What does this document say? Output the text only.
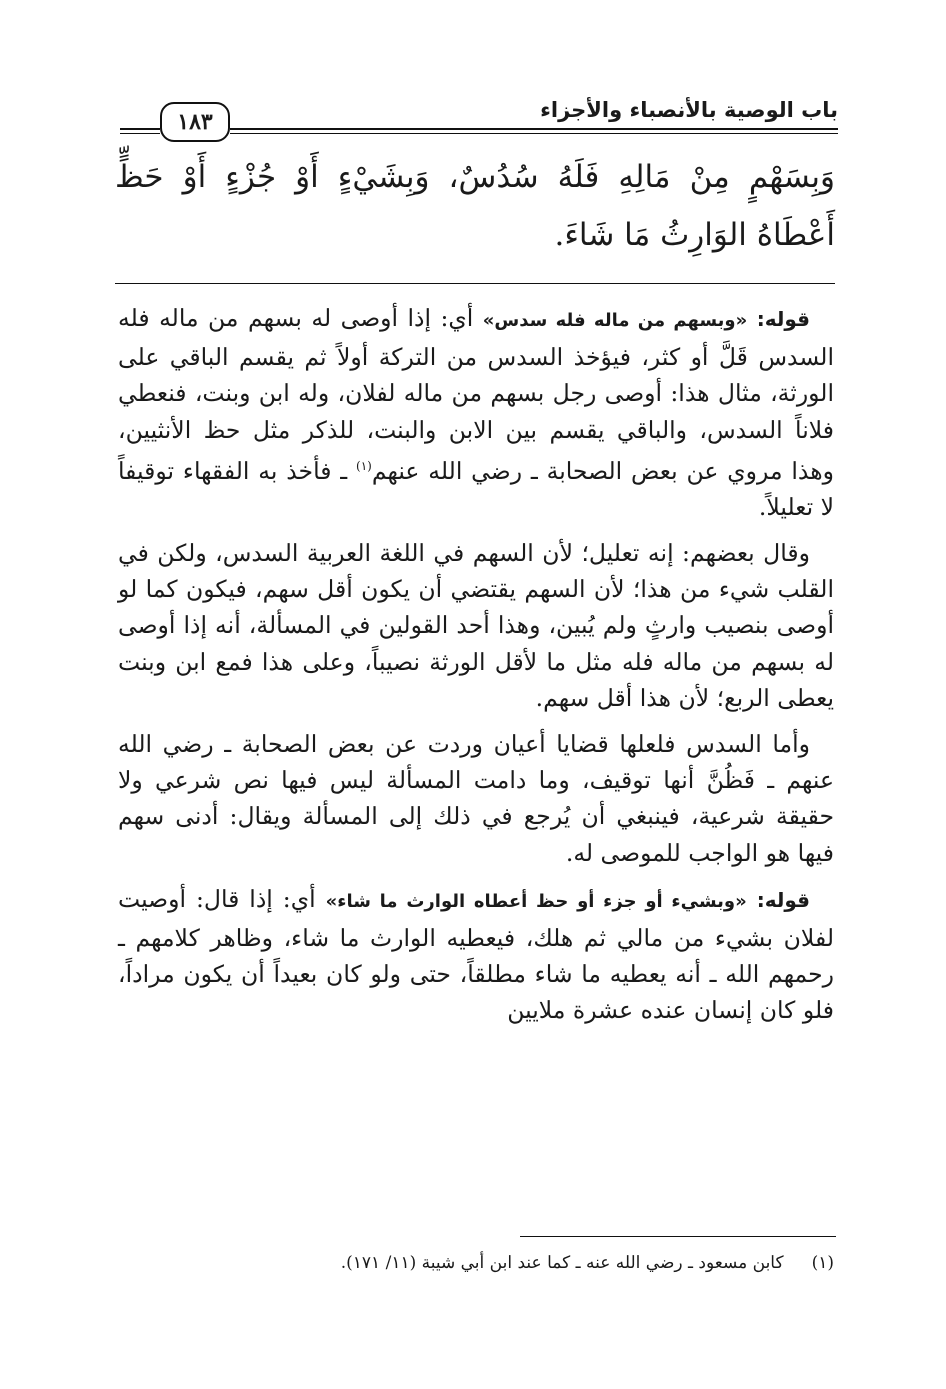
باب الوصية بالأنصباء والأجزاء
١٨٣
وَبِسَهْمٍ مِنْ مَالِهِ فَلَهُ سُدُسٌ، وَبِشَيْءٍ أَوْ جُزْءٍ أَوْ حَظٍّ أَعْطَاهُ الوَارِثُ مَا شَاءَ.

قوله: «وبسهم من ماله فله سدس» أي: إذا أوصى له بسهم من ماله فله السدس قَلَّ أو كثر، فيؤخذ السدس من التركة أولاً ثم يقسم الباقي على الورثة، مثال هذا: أوصى رجل بسهم من ماله لفلان، وله ابن وبنت، فنعطي فلاناً السدس، والباقي يقسم بين الابن والبنت، للذكر مثل حظ الأنثيين، وهذا مروي عن بعض الصحابة ـ رضي الله عنهم$^{(١)}$ ـ فأخذ به الفقهاء توقيفاً لا تعليلاً.

وقال بعضهم: إنه تعليل؛ لأن السهم في اللغة العربية السدس، ولكن في القلب شيء من هذا؛ لأن السهم يقتضي أن يكون أقل سهم، فيكون كما لو أوصى بنصيب وارثٍ ولم يُبين، وهذا أحد القولين في المسألة، أنه إذا أوصى له بسهم من ماله فله مثل ما لأقل الورثة نصيباً، وعلى هذا فمع ابن وبنت يعطى الربع؛ لأن هذا أقل سهم.

وأما السدس فلعلها قضايا أعيان وردت عن بعض الصحابة ـ رضي الله عنهم ـ فَظُنَّ أنها توقيف، وما دامت المسألة ليس فيها نص شرعي ولا حقيقة شرعية، فينبغي أن يُرجع في ذلك إلى المسألة ويقال: أدنى سهم فيها هو الواجب للموصى له.

قوله: «وبشيء أو جزء أو حظ أعطاه الوارث ما شاء» أي: إذا قال: أوصيت لفلان بشيء من مالي ثم هلك، فيعطيه الوارث ما شاء، وظاهر كلامهم ـ رحمهم الله ـ أنه يعطيه ما شاء مطلقاً، حتى ولو كان بعيداً أن يكون مراداً، فلو كان إنسان عنده عشرة ملايين

(١)كابن مسعود ـ رضي الله عنه ـ كما عند ابن أبي شيبة (١١/ ١٧١).
